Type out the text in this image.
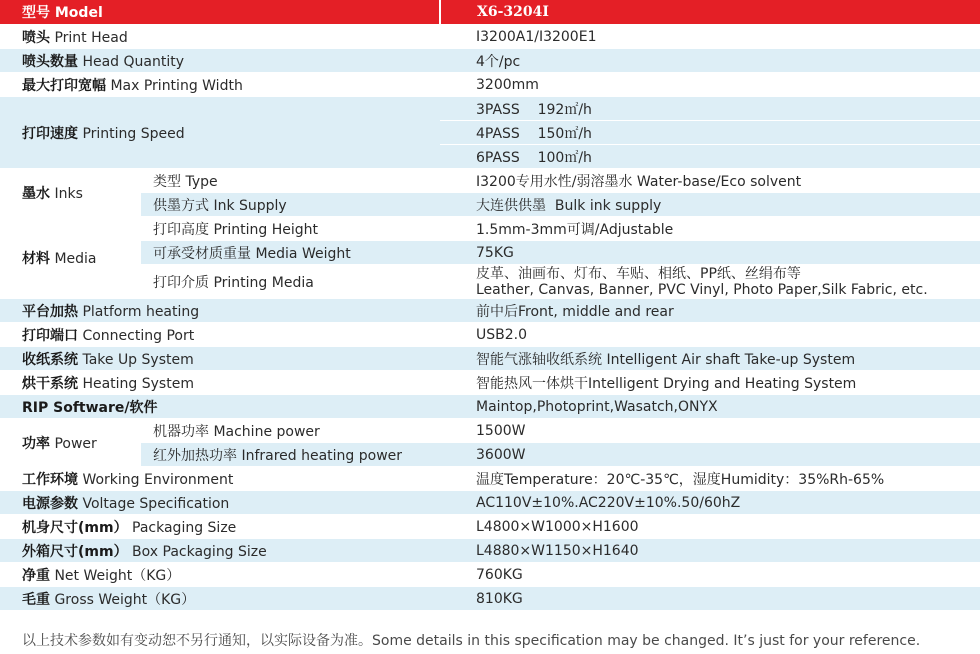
型号 Model		X6-3204I
喷头 Print Head		I3200A1/I3200E1
喷头数量 Head Quantity		4个/pc
最大打印宽幅 Max Printing Width		3200mm
打印速度 Printing Speed		3PASS    192㎡/h
		4PASS    150㎡/h
		6PASS    100㎡/h
墨水 Inks	类型 Type	I3200专用水性/弱溶墨水 Water-base/Eco solvent
	供墨方式 Ink Supply	大连供供墨  Bulk ink supply
材料 Media	打印高度 Printing Height	1.5mm-3mm可调/Adjustable
	可承受材质重量 Media Weight	75KG
	打印介质 Printing Media	皮革、油画布、灯布、车贴、相纸、PP纸、丝绢布等
Leather, Canvas, Banner, PVC Vinyl, Photo Paper,Silk Fabric, etc.

平台加热 Platform heating		前中后Front, middle and rear
打印端口 Connecting Port		USB2.0
收纸系统 Take Up System		智能气涨轴收纸系统 Intelligent Air shaft Take-up System
烘干系统 Heating System		智能热风一体烘干Intelligent Drying and Heating System
RIP Software/软件		Maintop,Photoprint,Wasatch,ONYX
功率 Power	机器功率 Machine power	1500W
	红外加热功率 Infrared heating power	3600W
工作环境 Working Environment		温度Temperature：20℃-35℃，湿度Humidity：35%Rh-65%
电源参数 Voltage Specification		AC110V±10%.AC220V±10%.50/60hZ
机身尺寸(mm） Packaging Size		L4800×W1000×H1600
外箱尺寸(mm） Box Packaging Size		L4880×W1150×H1640
净重 Net Weight（KG）		760KG
毛重 Gross Weight（KG）		810KG
以上技术参数如有变动恕不另行通知，以实际设备为准。Some details in this specification may be changed. It’s just for your reference.
